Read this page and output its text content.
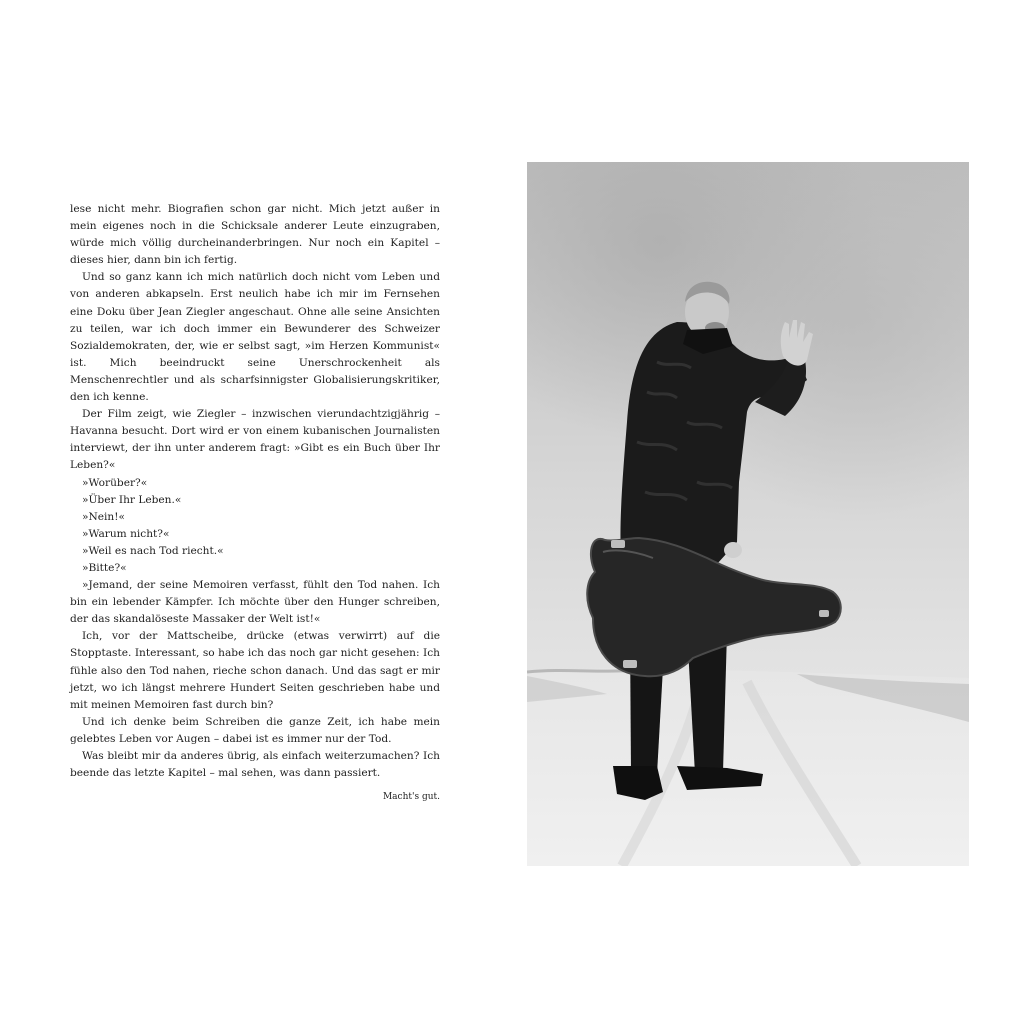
lese nicht mehr. Biografien schon gar nicht. Mich jetzt außer in mein eigenes noch in die Schicksale anderer Leute einzugraben, würde mich völlig durcheinanderbringen. Nur noch ein Kapitel – dieses hier, dann bin ich fertig.

Und so ganz kann ich mich natürlich doch nicht vom Leben und von anderen abkapseln. Erst neulich habe ich mir im Fernsehen eine Doku über Jean Ziegler angeschaut. Ohne alle seine Ansichten zu teilen, war ich doch immer ein Bewunderer des Schweizer Sozialdemokraten, der, wie er selbst sagt, »im Herzen Kommunist« ist. Mich beeindruckt seine Unerschrockenheit als Menschenrechtler und als scharfsinnigster Globalisierungskritiker, den ich kenne.

Der Film zeigt, wie Ziegler – inzwischen vierundachtzigjährig – Havanna besucht. Dort wird er von einem kubanischen Journalisten interviewt, der ihn unter anderem fragt: »Gibt es ein Buch über Ihr Leben?«

»Worüber?«

»Über Ihr Leben.«

»Nein!«

»Warum nicht?«

»Weil es nach Tod riecht.«

»Bitte?«

»Jemand, der seine Memoiren verfasst, fühlt den Tod nahen. Ich bin ein lebender Kämpfer. Ich möchte über den Hunger schreiben, der das skandalöseste Massaker der Welt ist!«

Ich, vor der Mattscheibe, drücke (etwas verwirrt) auf die Stopptaste. Interessant, so habe ich das noch gar nicht gesehen: Ich fühle also den Tod nahen, rieche schon danach. Und das sagt er mir jetzt, wo ich längst mehrere Hundert Seiten geschrieben habe und mit meinen Memoiren fast durch bin?

Und ich denke beim Schreiben die ganze Zeit, ich habe mein gelebtes Leben vor Augen – dabei ist es immer nur der Tod.

Was bleibt mir da anderes übrig, als einfach weiterzumachen? Ich beende das letzte Kapitel – mal sehen, was dann passiert.

Macht's gut.
